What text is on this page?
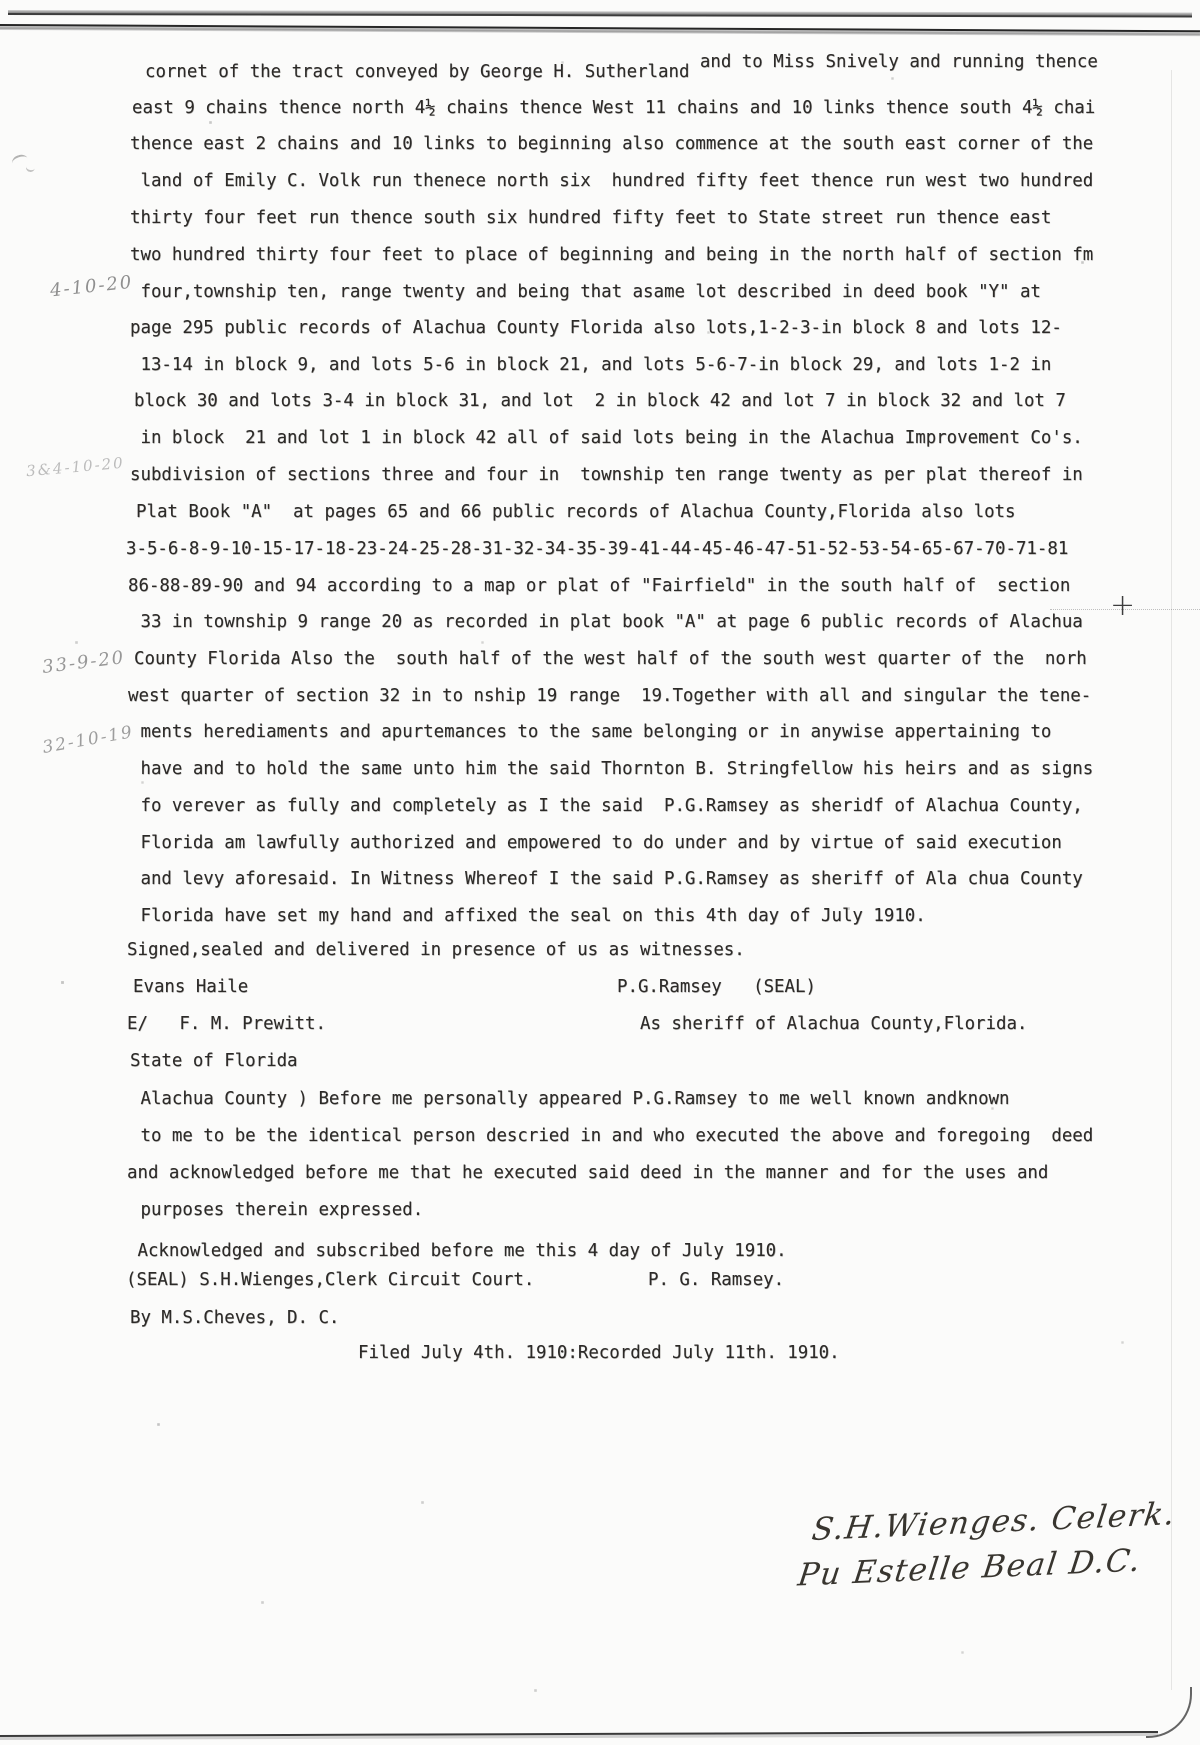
cornet of the tract conveyed by George H. Sutherland and to Miss Snively and running thence
east 9 chains thence north 4½ chains thence West 11 chains and 10 links thence south 4½ chai
thence east 2 chains and 10 links to beginning also commence at the south east corner of the
land of Emily C. Volk run thenece north six  hundred fifty feet thence run west two hundred
thirty four feet run thence south six hundred fifty feet to State street run thence east
two hundred thirty four feet to place of beginning and being in the north half of section fm
four,township ten, range twenty and being that asame lot described in deed book "Y" at
page 295 public records of Alachua County Florida also lots,1-2-3-in block 8 and lots 12-
13-14 in block 9, and lots 5-6 in block 21, and lots 5-6-7-in block 29, and lots 1-2 in
block 30 and lots 3-4 in block 31, and lot  2 in block 42 and lot 7 in block 32 and lot 7
in block  21 and lot 1 in block 42 all of said lots being in the Alachua Improvement Co's.
subdivision of sections three and four in  township ten range twenty as per plat thereof in
Plat Book "A"  at pages 65 and 66 public records of Alachua County,Florida also lots
3-5-6-8-9-10-15-17-18-23-24-25-28-31-32-34-35-39-41-44-45-46-47-51-52-53-54-65-67-70-71-81
86-88-89-90 and 94 according to a map or plat of "Fairfield" in the south half of  section
33 in township 9 range 20 as recorded in plat book "A" at page 6 public records of Alachua
County Florida Also the  south half of the west half of the south west quarter of the  norh
west quarter of section 32 in to nship 19 range  19.Together with all and singular the tene-
ments herediaments and apurtemances to the same belonging or in anywise appertaining to
have and to hold the same unto him the said Thornton B. Stringfellow his heirs and as signs
fo verever as fully and completely as I the said  P.G.Ramsey as sheridf of Alachua County,
Florida am lawfully authorized and empowered to do under and by virtue of said execution
and levy aforesaid. In Witness Whereof I the said P.G.Ramsey as sheriff of Ala chua County
Florida have set my hand and affixed the seal on this 4th day of July 1910.
Signed,sealed and delivered in presence of us as witnesses.
Evans Haile	P.G.Ramsey   (SEAL)
E/   F. M. Prewitt.	As sheriff of Alachua County,Florida.
State of Florida
Alachua County ) Before me personally appeared P.G.Ramsey to me well known andknown
to me to be the identical person descried in and who executed the above and foregoing  deed
and acknowledged before me that he executed said deed in the manner and for the uses and
purposes therein expressed.
Acknowledged and subscribed before me this 4 day of July 1910.
(SEAL) S.H.Wienges,Clerk Circuit Court.	P. G. Ramsey.
By M.S.Cheves, D. C.
Filed July 4th. 1910:Recorded July 11th. 1910.
4-10-20
3&4-10-20
33-9-20
32-10-19
+
S.H.Wienges. Celerk.
Pu Estelle Beal D.C.
